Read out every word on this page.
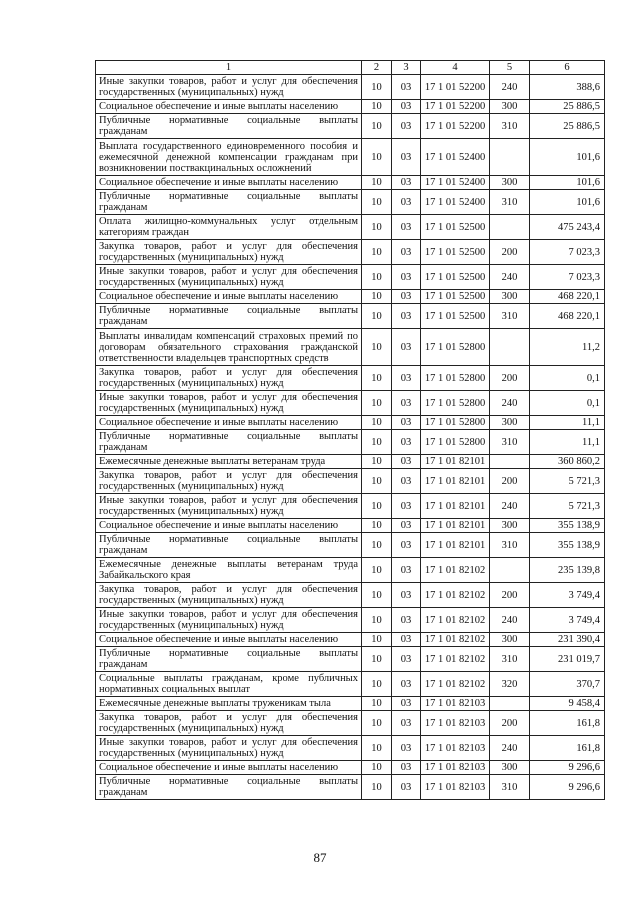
1	2	3	4	5	6
Иные закупки товаров, работ и услуг для обеспечения государственных (муниципальных) нужд	10	03	17 1 01 52200	240	388,6
Социальное обеспечение и иные выплаты населению	10	03	17 1 01 52200	300	25 886,5
Публичные нормативные социальные выплаты гражданам	10	03	17 1 01 52200	310	25 886,5
Выплата государственного единовременного пособия и ежемесячной денежной компенсации гражданам при возникновении поствакцинальных осложнений	10	03	17 1 01 52400		101,6
Социальное обеспечение и иные выплаты населению	10	03	17 1 01 52400	300	101,6
Публичные нормативные социальные выплаты гражданам	10	03	17 1 01 52400	310	101,6
Оплата жилищно-коммунальных услуг отдельным категориям граждан	10	03	17 1 01 52500		475 243,4
Закупка товаров, работ и услуг для обеспечения государственных (муниципальных) нужд	10	03	17 1 01 52500	200	7 023,3
Иные закупки товаров, работ и услуг для обеспечения государственных (муниципальных) нужд	10	03	17 1 01 52500	240	7 023,3
Социальное обеспечение и иные выплаты населению	10	03	17 1 01 52500	300	468 220,1
Публичные нормативные социальные выплаты гражданам	10	03	17 1 01 52500	310	468 220,1
Выплаты инвалидам компенсаций страховых премий по договорам обязательного страхования гражданской ответственности владельцев транспортных средств	10	03	17 1 01 52800		11,2
Закупка товаров, работ и услуг для обеспечения государственных (муниципальных) нужд	10	03	17 1 01 52800	200	0,1
Иные закупки товаров, работ и услуг для обеспечения государственных (муниципальных) нужд	10	03	17 1 01 52800	240	0,1
Социальное обеспечение и иные выплаты населению	10	03	17 1 01 52800	300	11,1
Публичные нормативные социальные выплаты гражданам	10	03	17 1 01 52800	310	11,1
Ежемесячные денежные выплаты ветеранам труда	10	03	17 1 01 82101		360 860,2
Закупка товаров, работ и услуг для обеспечения государственных (муниципальных) нужд	10	03	17 1 01 82101	200	5 721,3
Иные закупки товаров, работ и услуг для обеспечения государственных (муниципальных) нужд	10	03	17 1 01 82101	240	5 721,3
Социальное обеспечение и иные выплаты населению	10	03	17 1 01 82101	300	355 138,9
Публичные нормативные социальные выплаты гражданам	10	03	17 1 01 82101	310	355 138,9
Ежемесячные денежные выплаты ветеранам труда Забайкальского края	10	03	17 1 01 82102		235 139,8
Закупка товаров, работ и услуг для обеспечения государственных (муниципальных) нужд	10	03	17 1 01 82102	200	3 749,4
Иные закупки товаров, работ и услуг для обеспечения государственных (муниципальных) нужд	10	03	17 1 01 82102	240	3 749,4
Социальное обеспечение и иные выплаты населению	10	03	17 1 01 82102	300	231 390,4
Публичные нормативные социальные выплаты гражданам	10	03	17 1 01 82102	310	231 019,7
Социальные выплаты гражданам, кроме публичных нормативных социальных выплат	10	03	17 1 01 82102	320	370,7
Ежемесячные денежные выплаты труженикам тыла	10	03	17 1 01 82103		9 458,4
Закупка товаров, работ и услуг для обеспечения государственных (муниципальных) нужд	10	03	17 1 01 82103	200	161,8
Иные закупки товаров, работ и услуг для обеспечения государственных (муниципальных) нужд	10	03	17 1 01 82103	240	161,8
Социальное обеспечение и иные выплаты населению	10	03	17 1 01 82103	300	9 296,6
Публичные нормативные социальные выплаты гражданам	10	03	17 1 01 82103	310	9 296,6
87
